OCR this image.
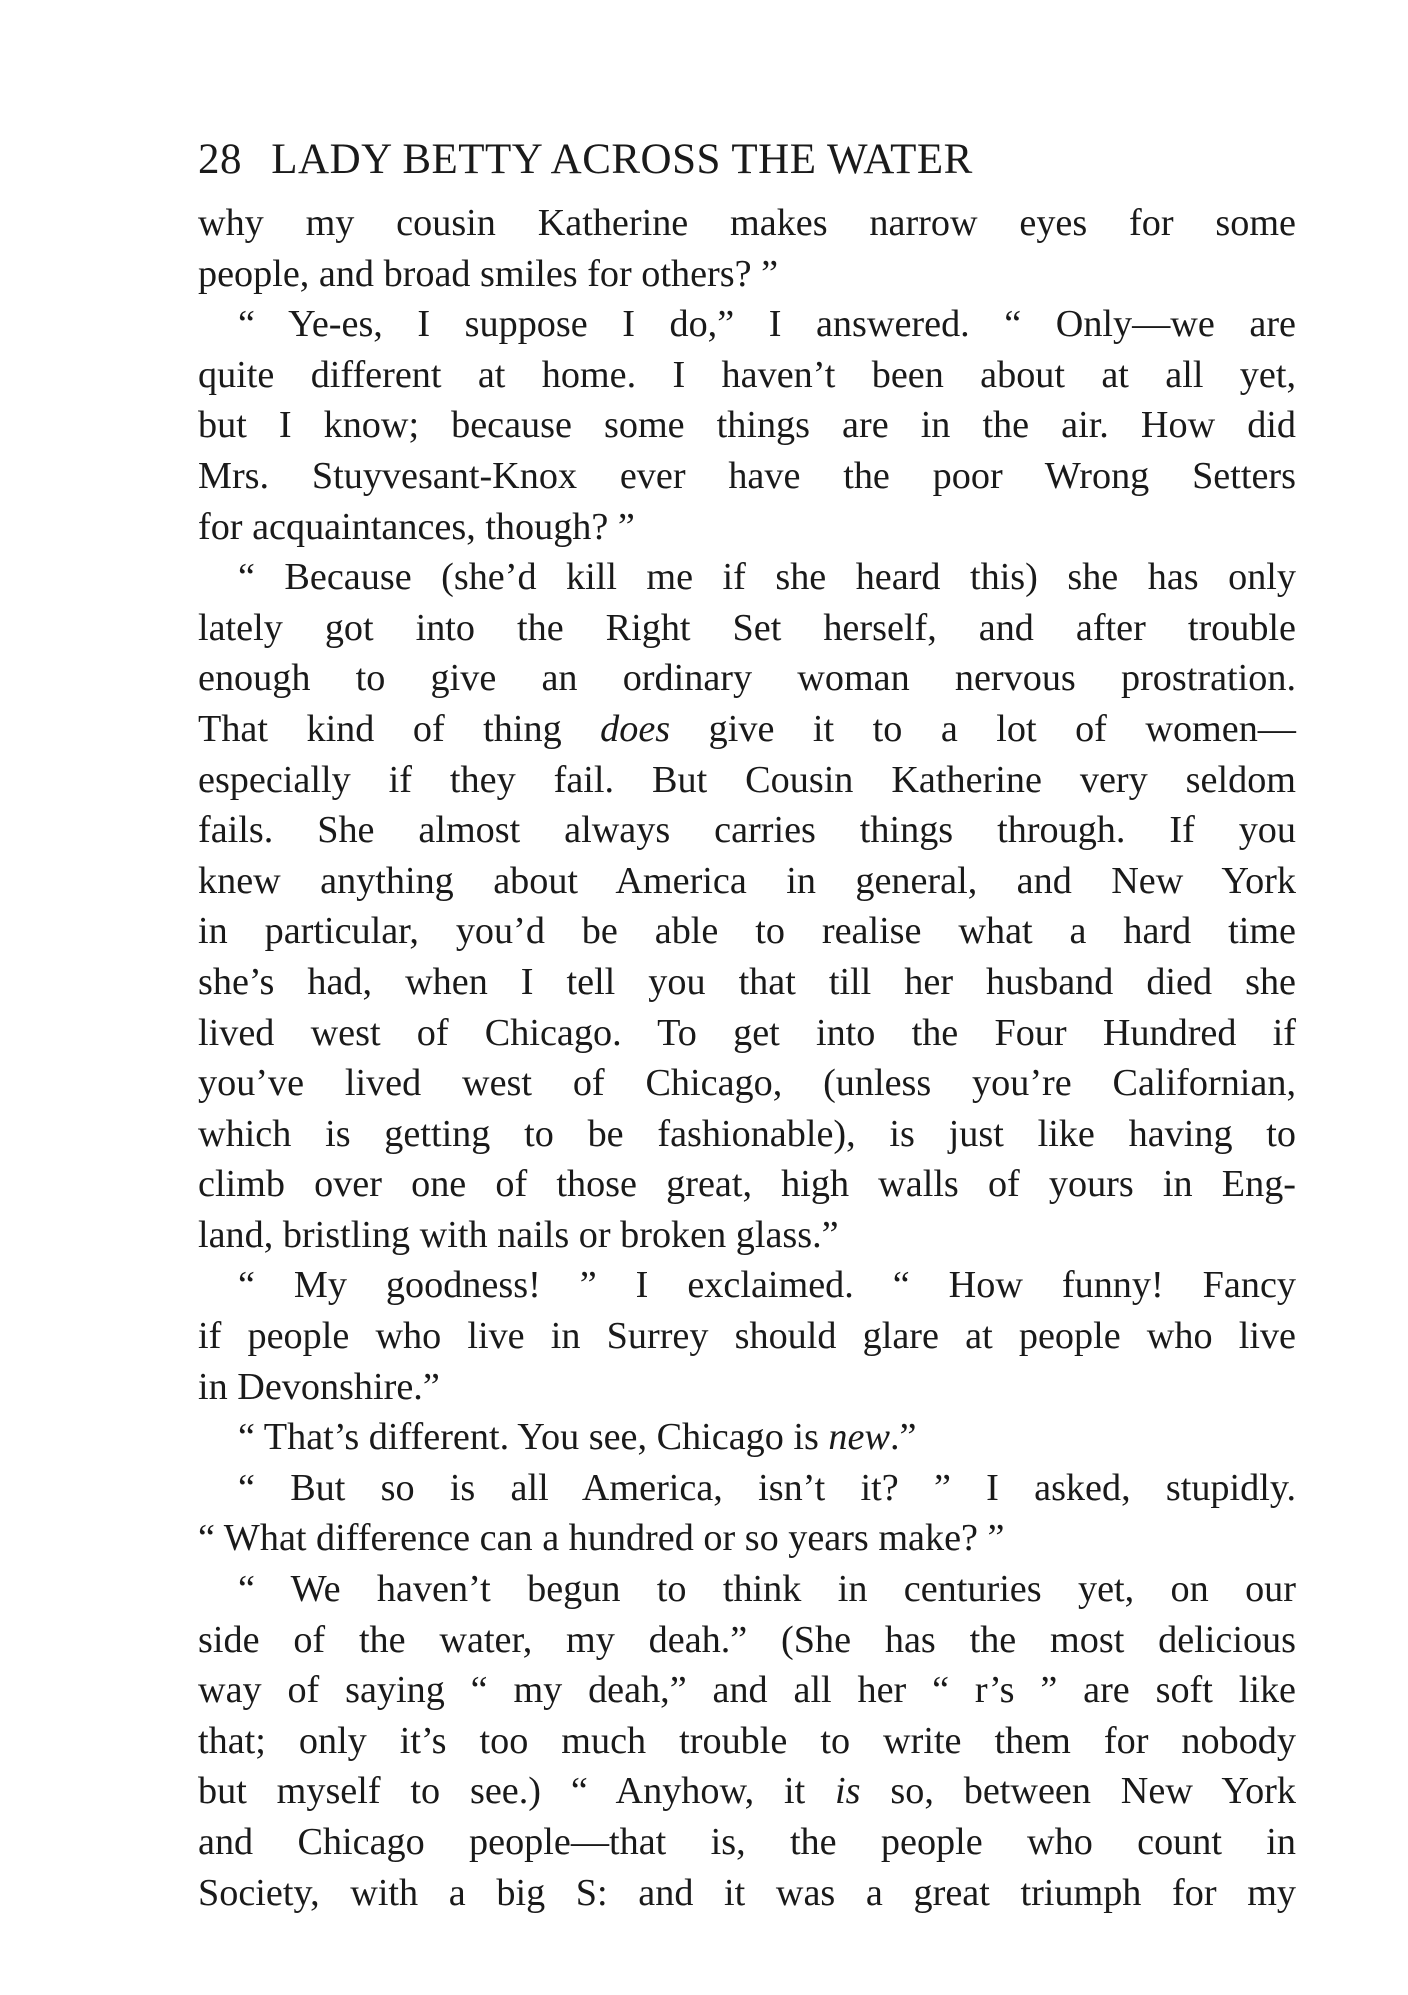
28 LADY BETTY ACROSS THE WATER
why my cousin Katherine makes narrow eyes for some
people, and broad smiles for others? ”
“ Ye-es, I suppose I do,” I answered. “ Only—we are
quite different at home. I haven’t been about at all yet,
but I know; because some things are in the air. How did
Mrs. Stuyvesant-Knox ever have the poor Wrong Setters
for acquaintances, though? ”
“ Because (she’d kill me if she heard this) she has only
lately got into the Right Set herself, and after trouble
enough to give an ordinary woman nervous prostration.
That kind of thing does give it to a lot of women—
especially if they fail. But Cousin Katherine very seldom
fails. She almost always carries things through. If you
knew anything about America in general, and New York
in particular, you’d be able to realise what a hard time
she’s had, when I tell you that till her husband died she
lived west of Chicago. To get into the Four Hundred if
you’ve lived west of Chicago, (unless you’re Californian,
which is getting to be fashionable), is just like having to
climb over one of those great, high walls of yours in Eng-
land, bristling with nails or broken glass.”
“ My goodness! ” I exclaimed. “ How funny! Fancy
if people who live in Surrey should glare at people who live
in Devonshire.”
“ That’s different. You see, Chicago is new.”
“ But so is all America, isn’t it? ” I asked, stupidly.
“ What difference can a hundred or so years make? ”
“ We haven’t begun to think in centuries yet, on our
side of the water, my deah.” (She has the most delicious
way of saying “ my deah,” and all her “ r’s ” are soft like
that; only it’s too much trouble to write them for nobody
but myself to see.) “ Anyhow, it is so, between New York
and Chicago people—that is, the people who count in
Society, with a big S: and it was a great triumph for my
